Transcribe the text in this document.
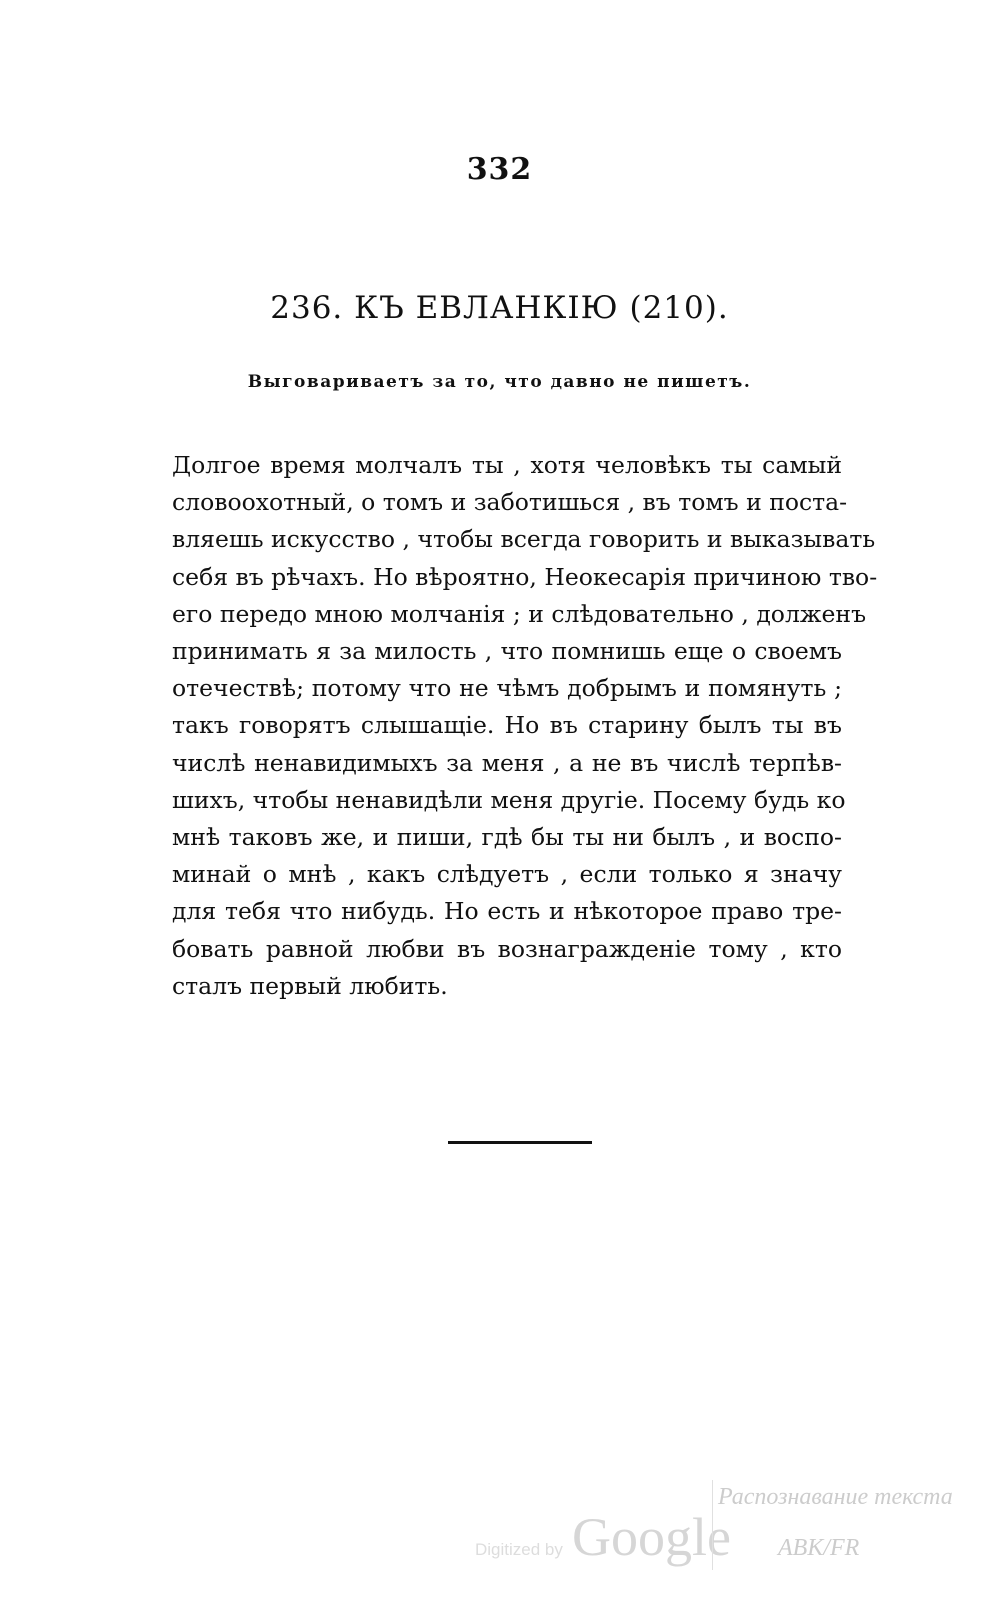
332
236. КЪ ЕВЛАНКІЮ (210).
Выговариваетъ за то, что давно не пишетъ.
Долгое время молчалъ ты , хотя человѣкъ ты самый
словоохотный, о томъ и заботишься , въ томъ и поста-
вляешь искусство , чтобы всегда говорить и выказывать
себя въ рѣчахъ. Но вѣроятно, Неокесарія причиною тво-
его передо мною молчанія ; и слѣдовательно , долженъ
принимать я за милость , что помнишь еще о своемъ
отечествѣ; потому что не чѣмъ добрымъ и помянуть ;
такъ говорятъ слышащіе. Но въ старину былъ ты въ
числѣ ненавидимыхъ за меня , а не въ числѣ терпѣв-
шихъ, чтобы ненавидѣли меня другіе. Посему будь ко
мнѣ таковъ же, и пиши, гдѣ бы ты ни былъ , и воспо-
минай о мнѣ , какъ слѣдуетъ , если только я значу
для тебя что нибудь. Но есть и нѣкоторое право тре-
бовать равной любви въ вознагражденіе тому , кто
сталъ первый любить.
Digitized by Google
Распознавание текста
ABK/FR
